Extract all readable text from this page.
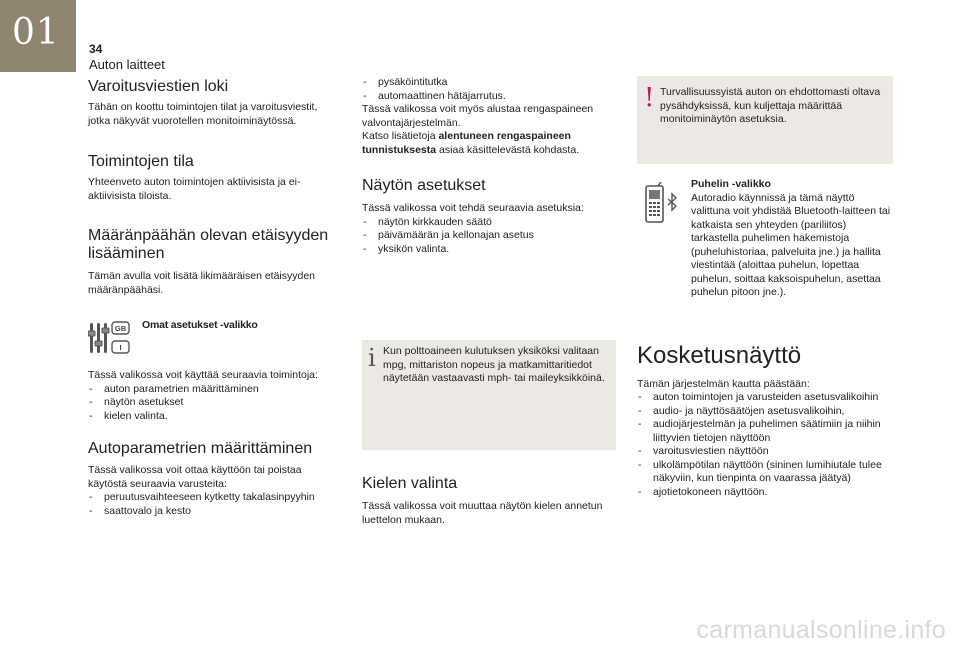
01 34
Auton laitteet
Varoitusviestien loki

Tähän on koottu toimintojen tilat ja varoitusviestit, jotka näkyvät vuorotellen monitoiminäytössä.

Toimintojen tila

Yhteenveto auton toimintojen aktiivisista ja ei-aktiivisista tiloista.

Määränpäähän olevan etäisyyden lisääminen

Tämän avulla voit lisätä likimääräisen etäisyyden määränpäähäsi.

GB
I
Omat asetukset -valikko

Tässä valikossa voit käyttää seuraavia toimintoja:

- auton parametrien määrittäminen
- näytön asetukset
- kielen valinta.
Autoparametrien määrittäminen

Tässä valikossa voit ottaa käyttöön tai poistaa käytöstä seuraavia varusteita:

- peruutusvaihteeseen kytketty takalasinpyyhin
- saattovalo ja kesto
- pysäköintitutka
- automaattinen hätäjarrutus.

Tässä valikossa voit myös alustaa rengaspaineen valvontajärjestelmän.

Katso lisätietoja alentuneen rengaspaineen tunnistuksesta asiaa käsittelevästä kohdasta.

Näytön asetukset

Tässä valikossa voit tehdä seuraavia asetuksia:

- näytön kirkkauden säätö
- päivämäärän ja kellonajan asetus
- yksikön valinta.
i Kun polttoaineen kulutuksen yksiköksi valitaan mpg, mittariston nopeus ja matkamittaritiedot näytetään vastaavasti mph- tai maileyksikköinä.

Kielen valinta

Tässä valikossa voit muuttaa näytön kielen annetun luettelon mukaan.

! Turvallisuussyistä auton on ehdottomasti oltava pysähdyksissä, kun kuljettaja määrittää monitoiminäytön asetuksia.

Puhelin -valikko

Autoradio käynnissä ja tämä näyttö valittuna voit yhdistää Bluetooth-laitteen tai katkaista sen yhteyden (pariliitos) tarkastella puhelimen hakemistoja (puheluhistoriaa, palveluita jne.) ja hallita viestintää (aloittaa puhelun, lopettaa puhelun, soittaa kaksoispuhelun, asettaa puhelun pitoon jne.).

Kosketusnäyttö

Tämän järjestelmän kautta päästään:

- auton toimintojen ja varusteiden asetusvalikoihin
- audio- ja näyttösäätöjen asetusvalikoihin,
- audiojärjestelmän ja puhelimen säätimiin ja niihin liittyvien tietojen näyttöön
- varoitusviestien näyttöön
- ulkolämpötilan näyttöön (sininen lumihiutale tulee näkyviin, kun tienpinta on vaarassa jäätyä)
- ajotietokoneen näyttöön.
carmanualsonline.info
